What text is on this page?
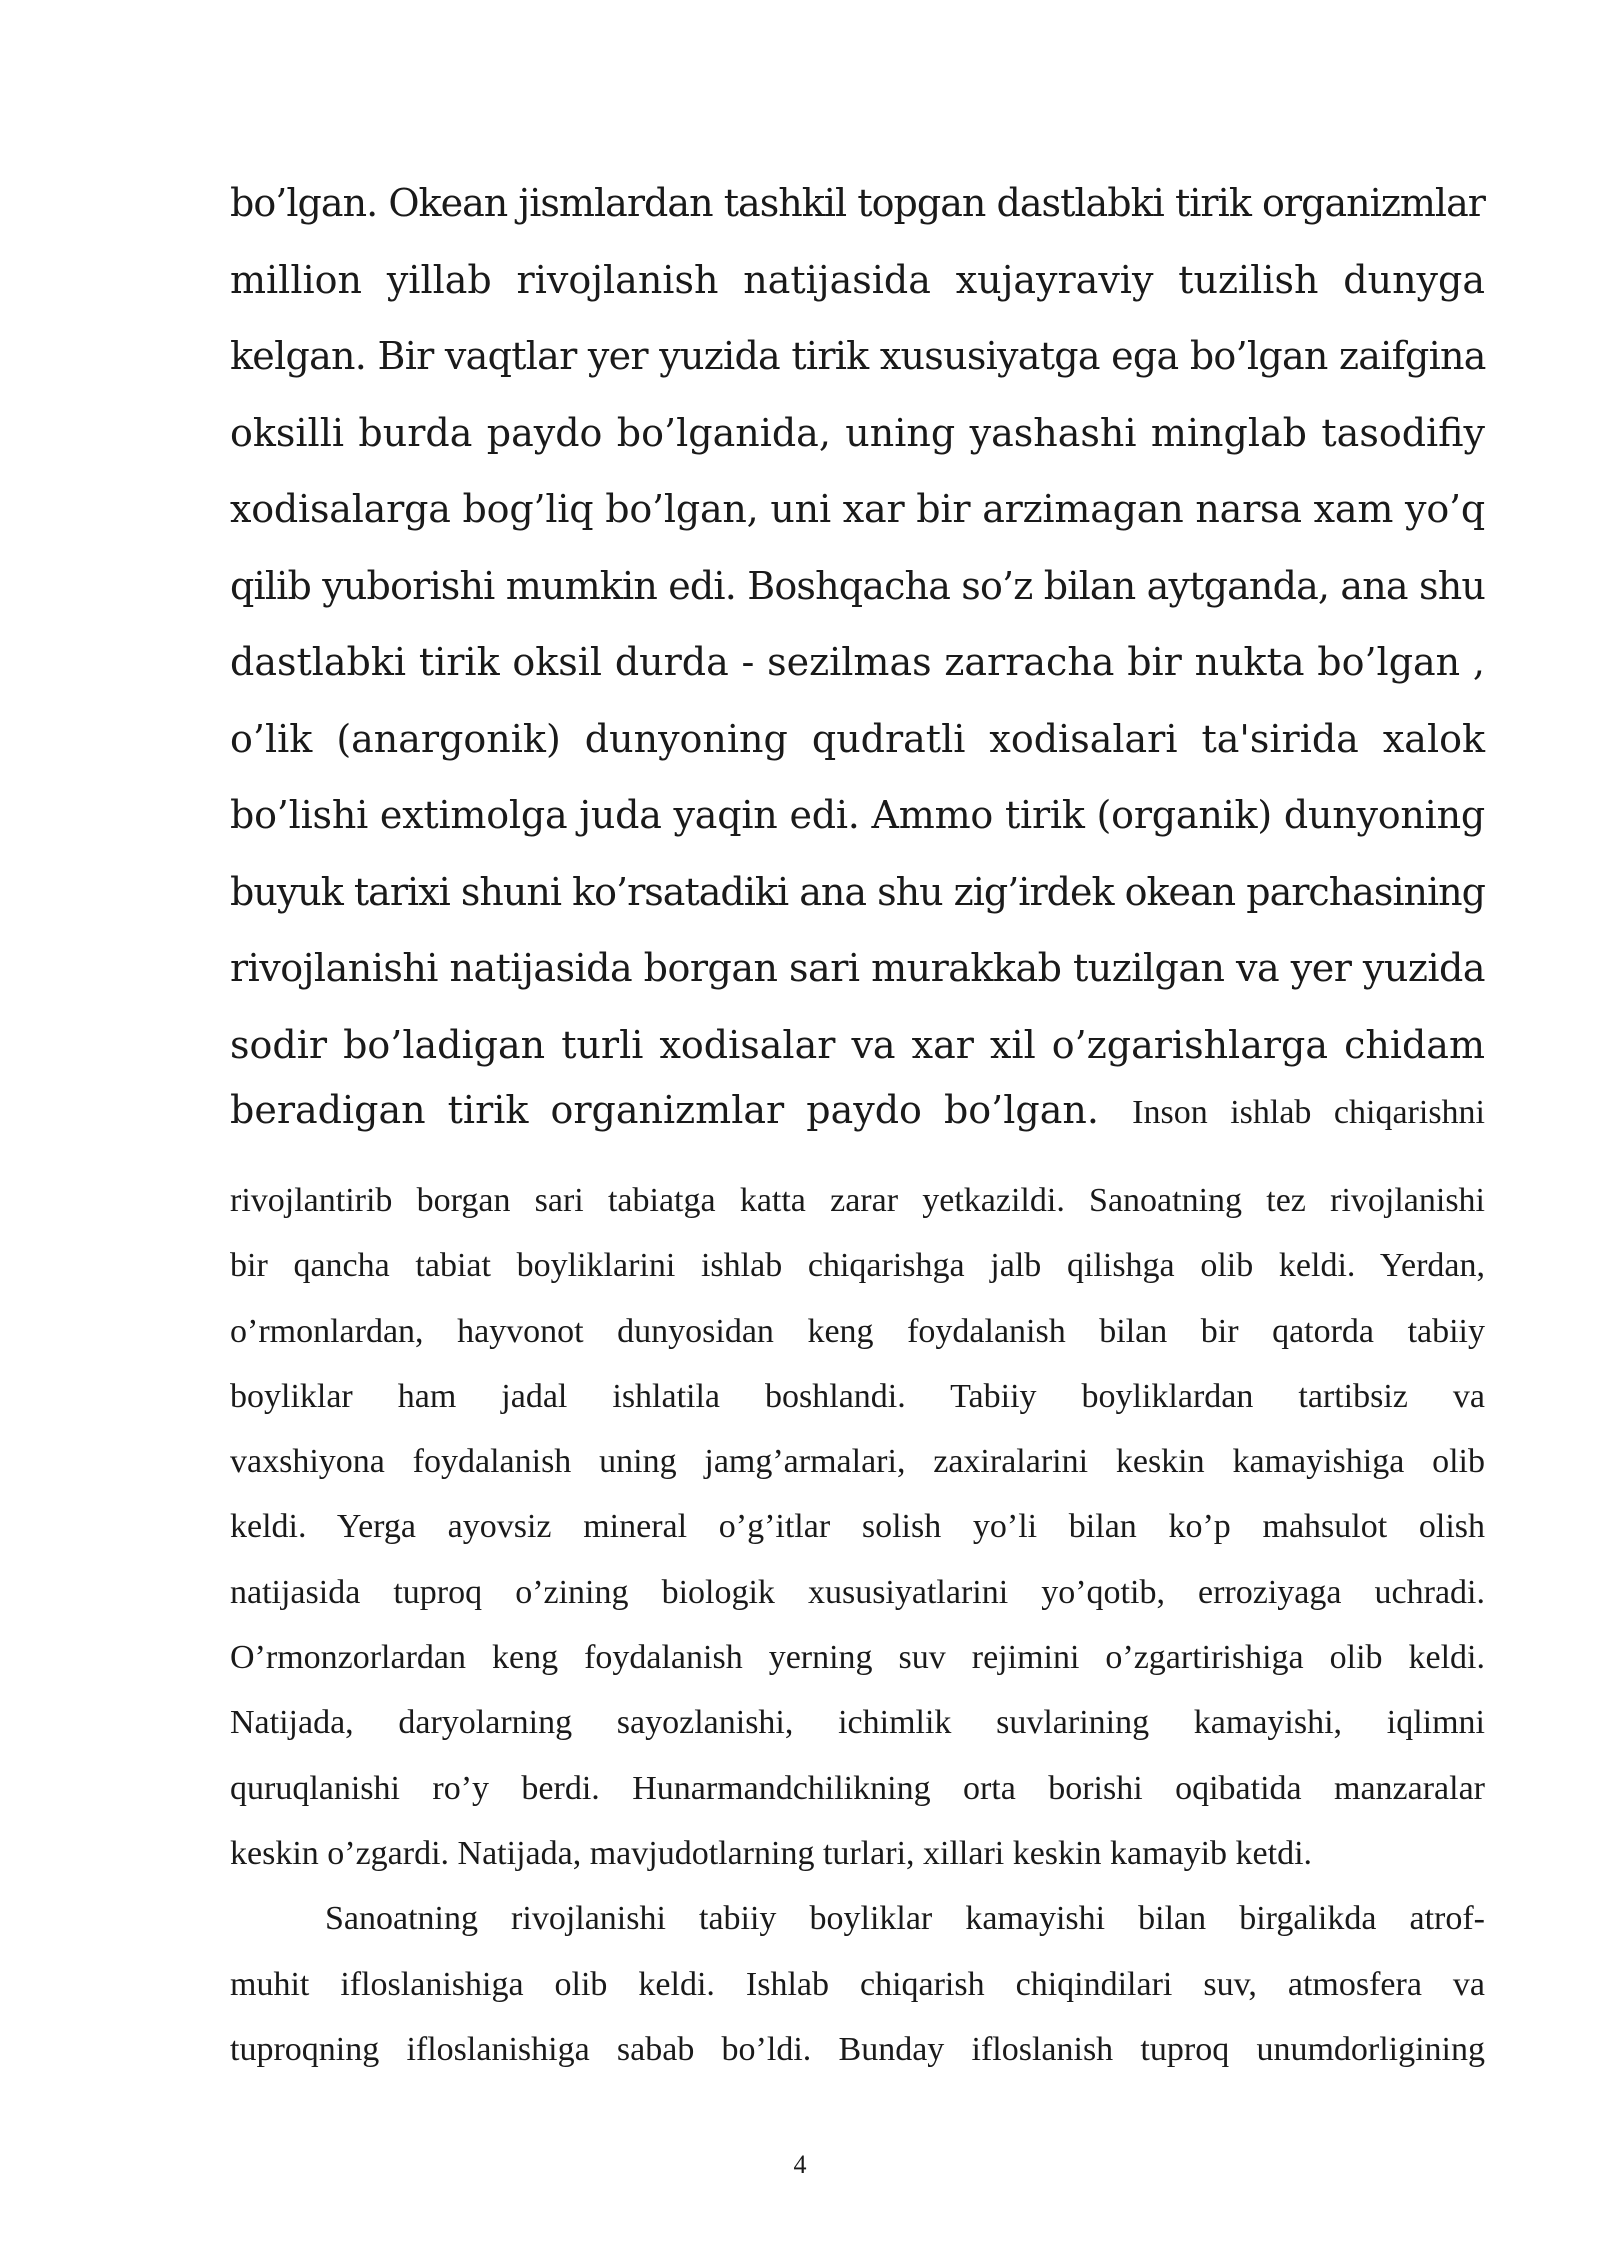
bo’lgan. Okean jismlardan tashkil topgan dastlabki tirik organizmlar
million yillab rivojlanish natijasida xujayraviy tuzilish dunyga
kelgan. Bir vaqtlar yer yuzida tirik xususiyatga ega bo’lgan zaifgina
oksilli burda paydo bo’lganida, uning yashashi minglab tasodifiy
xodisalarga bog’liq bo’lgan, uni xar bir arzimagan narsa xam yo’q
qilib yuborishi mumkin edi. Boshqacha so’z bilan aytganda, ana shu
dastlabki tirik oksil durda - sezilmas zarracha bir nukta bo’lgan ,
o’lik (anargonik) dunyoning qudratli xodisalari ta'sirida xalok
bo’lishi extimolga juda yaqin edi. Ammo tirik (organik) dunyoning
buyuk tarixi shuni ko’rsatadiki ana shu zig’irdek okean parchasining
rivojlanishi natijasida borgan sari murakkab tuzilgan va yer yuzida
sodir bo’ladigan turli xodisalar va xar xil o’zgarishlarga chidam
beradigan tirik organizmlar paydo bo’lgan. Inson ishlab chiqarishni
rivojlantirib borgan sari tabiatga katta zarar yetkazildi. Sanoatning tez rivojlanishi
bir qancha tabiat boyliklarini ishlab chiqarishga jalb qilishga olib keldi. Yerdan,
o’rmonlardan, hayvonot dunyosidan keng foydalanish bilan bir qatorda tabiiy
boyliklar ham jadal ishlatila boshlandi. Tabiiy boyliklardan tartibsiz va
vaxshiyona foydalanish uning jamg’armalari, zaxiralarini keskin kamayishiga olib
keldi. Yerga ayovsiz mineral o’g’itlar solish yo’li bilan ko’p mahsulot olish
natijasida tuproq o’zining biologik xususiyatlarini yo’qotib, erroziyaga uchradi.
O’rmonzorlardan keng foydalanish yerning suv rejimini o’zgartirishiga olib keldi.
Natijada, daryolarning sayozlanishi, ichimlik suvlarining kamayishi, iqlimni
quruqlanishi ro’y berdi. Hunarmandchilikning orta borishi oqibatida manzaralar
keskin o’zgardi. Natijada, mavjudotlarning turlari, xillari keskin kamayib ketdi.
Sanoatning rivojlanishi tabiiy boyliklar kamayishi bilan birgalikda atrof-
muhit ifloslanishiga olib keldi. Ishlab chiqarish chiqindilari suv, atmosfera va
tuproqning ifloslanishiga sabab bo’ldi. Bunday ifloslanish tuproq unumdorligining
4
